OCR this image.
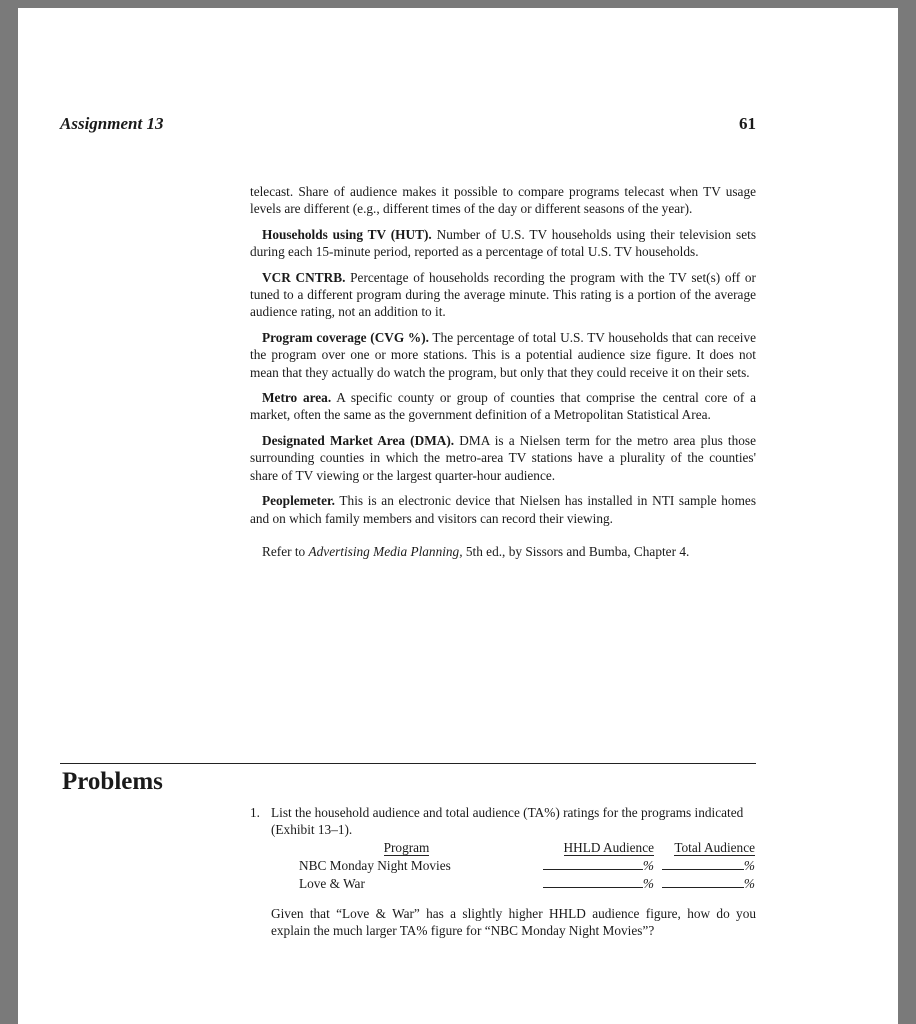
Assignment 13	61

telecast. Share of audience makes it possible to compare programs telecast when TV usage levels are different (e.g., different times of the day or different seasons of the year).

Households using TV (HUT). Number of U.S. TV households using their television sets during each 15-minute period, reported as a percentage of total U.S. TV households.

VCR CNTRB. Percentage of households recording the program with the TV set(s) off or tuned to a different program during the average minute. This rating is a portion of the average audience rating, not an addition to it.

Program coverage (CVG %). The percentage of total U.S. TV households that can receive the program over one or more stations. This is a potential audience size figure. It does not mean that they actually do watch the program, but only that they could receive it on their sets.

Metro area. A specific county or group of counties that comprise the central core of a market, often the same as the government definition of a Metropolitan Statistical Area.

Designated Market Area (DMA). DMA is a Nielsen term for the metro area plus those surrounding counties in which the metro-area TV stations have a plurality of the counties' share of TV viewing or the largest quarter-hour audience.

Peoplemeter. This is an electronic device that Nielsen has installed in NTI sample homes and on which family members and visitors can record their viewing.

Refer to Advertising Media Planning, 5th ed., by Sissors and Bumba, Chapter 4.

Problems
1. List the household audience and total audience (TA%) ratings for the programs indicated (Exhibit 13–1).
Program	HHLD Audience	Total Audience
NBC Monday Night Movies	%	%
Love & War	%	%
Given that “Love & War” has a slightly higher HHLD audience figure, how do you explain the much larger TA% figure for “NBC Monday Night Movies”?
